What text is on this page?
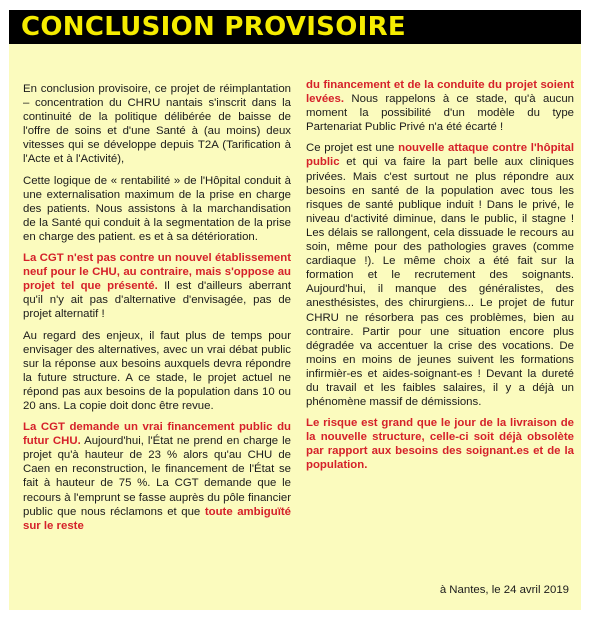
CONCLUSION PROVISOIRE

En conclusion provisoire, ce projet de réimplantation – concentration du CHRU nantais s'inscrit dans la continuité de la politique délibérée de baisse de l'offre de soins et d'une Santé à (au moins) deux vitesses qui se développe depuis T2A (Tarification à l'Acte et à l'Activité),

Cette logique de « rentabilité » de l'Hôpital conduit à une externalisation maximum de la prise en charge des patients. Nous assistons à la marchandisation de la Santé qui conduit à la segmentation de la prise en charge des patient. es et à sa détérioration.

La CGT n'est pas contre un nouvel établissement neuf pour le CHU, au contraire, mais s'oppose au projet tel que présenté. Il est d'ailleurs aberrant qu'il n'y ait pas d'alternative d'envisagée, pas de projet alternatif !

Au regard des enjeux, il faut plus de temps pour envisager des alternatives, avec un vrai débat public sur la réponse aux besoins auxquels devra répondre la future structure. A ce stade, le projet actuel ne répond pas aux besoins de la population dans 10 ou 20 ans. La copie doit donc être revue.

La CGT demande un vrai financement public du futur CHU. Aujourd'hui, l'État ne prend en charge le projet qu'à hauteur de 23 % alors qu'au CHU de Caen en reconstruction, le financement de l'État se fait à hauteur de 75 %. La CGT demande que le recours à l'emprunt se fasse auprès du pôle financier public que nous réclamons et que toute ambiguïté sur le reste

du financement et de la conduite du projet soient levées. Nous rappelons à ce stade, qu'à aucun moment la possibilité d'un modèle du type Partenariat Public Privé n'a été écarté !

Ce projet est une nouvelle attaque contre l'hôpital public et qui va faire la part belle aux cliniques privées. Mais c'est surtout ne plus répondre aux besoins en santé de la population avec tous les risques de santé publique induit ! Dans le privé, le niveau d'activité diminue, dans le public, il stagne ! Les délais se rallongent, cela dissuade le recours au soin, même pour des pathologies graves (comme cardiaque !). Le même choix a été fait sur la formation et le recrutement des soignants. Aujourd'hui, il manque des généralistes, des anesthésistes, des chirurgiens... Le projet de futur CHRU ne résorbera pas ces problèmes, bien au contraire. Partir pour une situation encore plus dégradée va accentuer la crise des vocations. De moins en moins de jeunes suivent les formations infirmièr-es et aides-soignant-es ! Devant la dureté du travail et les faibles salaires, il y a déjà un phénomène massif de démissions.

Le risque est grand que le jour de la livraison de la nouvelle structure, celle-ci soit déjà obsolète par rapport aux besoins des soignant.es et de la population.

à Nantes, le 24 avril 2019
